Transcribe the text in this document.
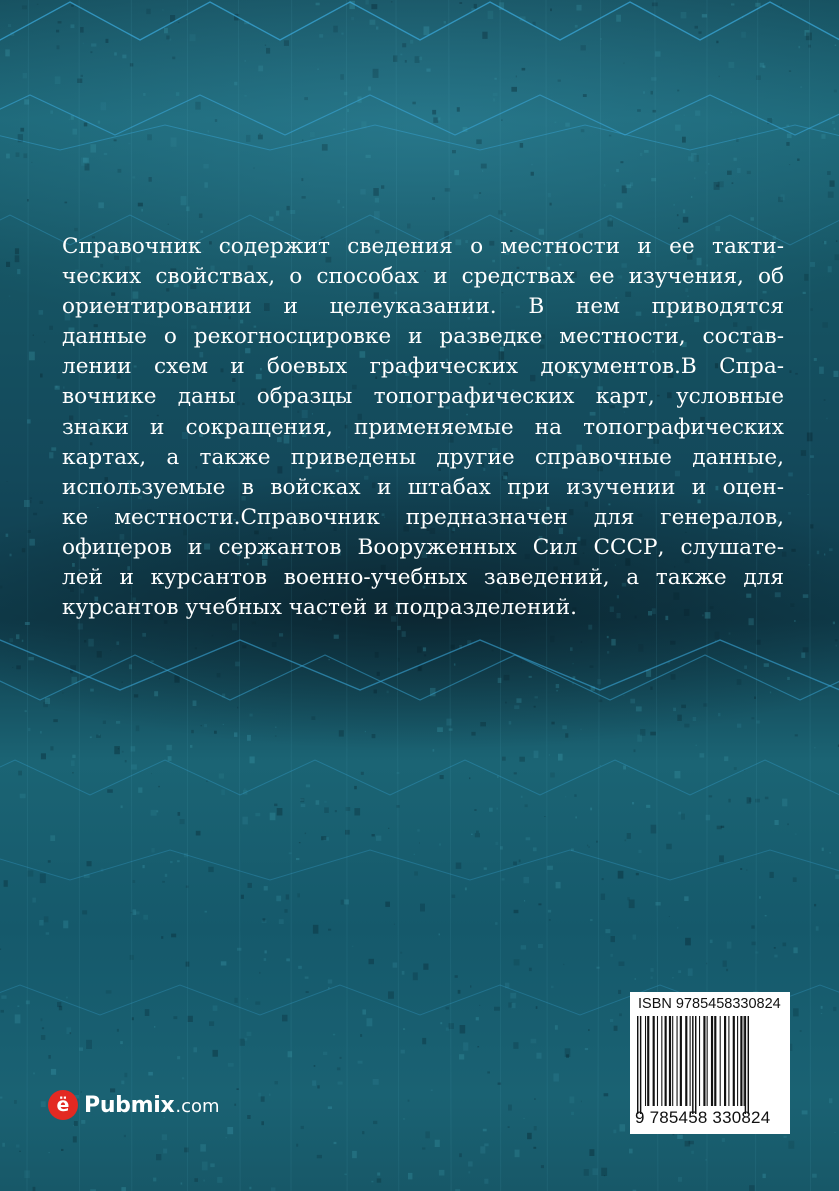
Справочник содержит сведения о местности и ее такти-
ческих свойствах, о способах и средствах ее изучения, об
ориентировании и целеуказании. В нем приводятся
данные о рекогносцировке и разведке местности, состав-
лении схем и боевых графических документов.В Спра-
вочнике даны образцы топографических карт, условные
знаки и сокращения, применяемые на топографических
картах, а также приведены другие справочные данные,
используемые в войсках и штабах при изучении и оцен-
ке местности.Справочник предназначен для генералов,
офицеров и сержантов Вооруженных Сил СССР, слушате-
лей и курсантов военно-учебных заведений, а также для
курсантов учебных частей и подразделений.

ё Pubmix .com
ISBN 9785458330824
9 785458 330824
